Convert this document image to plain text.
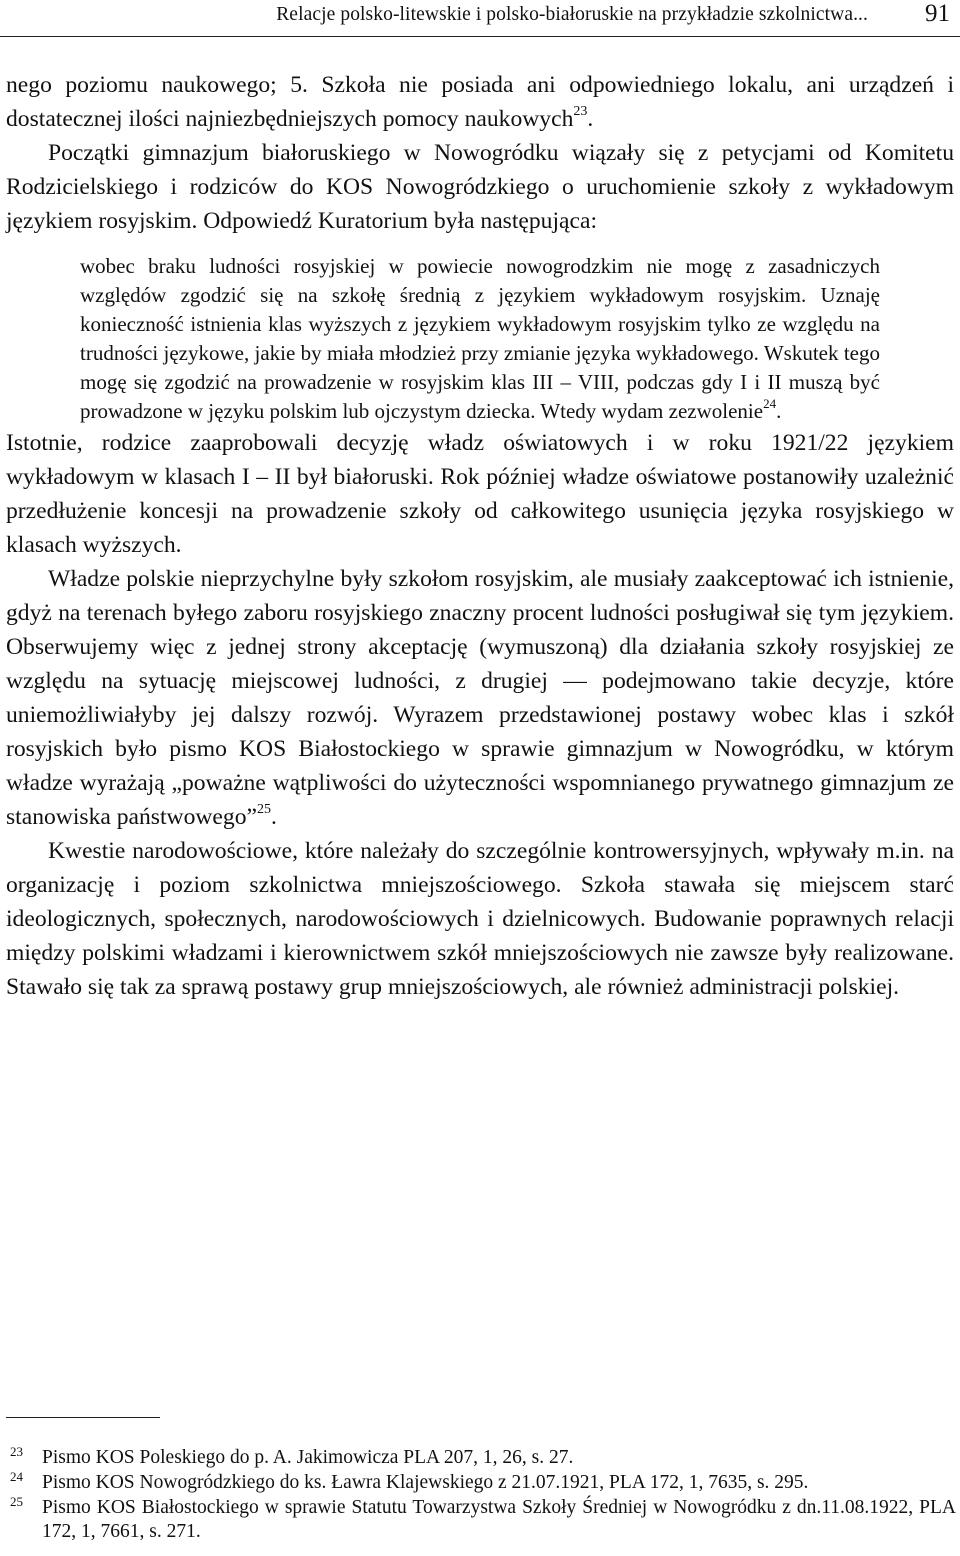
Relacje polsko-litewskie i polsko-białoruskie na przykładzie szkolnictwa... 91

nego poziomu naukowego; 5. Szkoła nie posiada ani odpowiedniego lokalu, ani urządzeń i dostatecznej ilości najniezbędniejszych pomocy naukowych$^{23}$.

Początki gimnazjum białoruskiego w Nowogródku wiązały się z petycjami od Komitetu Rodzicielskiego i rodziców do KOS Nowogródzkiego o uruchomienie szkoły z wykładowym językiem rosyjskim. Odpowiedź Kuratorium była następująca:

wobec braku ludności rosyjskiej w powiecie nowogrodzkim nie mogę z zasadniczych względów zgodzić się na szkołę średnią z językiem wykładowym rosyjskim. Uznaję konieczność istnienia klas wyższych z językiem wykładowym rosyjskim tylko ze względu na trudności językowe, jakie by miała młodzież przy zmianie języka wykładowego. Wskutek tego mogę się zgodzić na prowadzenie w rosyjskim klas III – VIII, podczas gdy I i II muszą być prowadzone w języku polskim lub ojczystym dziecka. Wtedy wydam zezwolenie$^{24}$.

Istotnie, rodzice zaaprobowali decyzję władz oświatowych i w roku 1921/22 językiem wykładowym w klasach I – II był białoruski. Rok później władze oświatowe postanowiły uzależnić przedłużenie koncesji na prowadzenie szkoły od całkowitego usunięcia języka rosyjskiego w klasach wyższych.

Władze polskie nieprzychylne były szkołom rosyjskim, ale musiały zaakceptować ich istnienie, gdyż na terenach byłego zaboru rosyjskiego znaczny procent ludności posługiwał się tym językiem. Obserwujemy więc z jednej strony akceptację (wymuszoną) dla działania szkoły rosyjskiej ze względu na sytuację miejscowej ludności, z drugiej — podejmowano takie decyzje, które uniemożliwiałyby jej dalszy rozwój. Wyrazem przedstawionej postawy wobec klas i szkół rosyjskich było pismo KOS Białostockiego w sprawie gimnazjum w Nowogródku, w którym władze wyrażają „poważne wątpliwości do użyteczności wspomnianego prywatnego gimnazjum ze stanowiska państwowego”$^{25}$.

Kwestie narodowościowe, które należały do szczególnie kontrowersyjnych, wpływały m.in. na organizację i poziom szkolnictwa mniejszościowego. Szkoła stawała się miejscem starć ideologicznych, społecznych, narodowościowych i dzielnicowych. Budowanie poprawnych relacji między polskimi władzami i kierownictwem szkół mniejszościowych nie zawsze były realizowane. Stawało się tak za sprawą postawy grup mniejszościowych, ale również administracji polskiej.

23 Pismo KOS Poleskiego do p. A. Jakimowicza PLA 207, 1, 26, s. 27.
24 Pismo KOS Nowogródzkiego do ks. Ławra Klajewskiego z 21.07.1921, PLA 172, 1, 7635, s. 295.
25 Pismo KOS Białostockiego w sprawie Statutu Towarzystwa Szkoły Średniej w Nowogródku z dn.11.08.1922, PLA 172, 1, 7661, s. 271.
